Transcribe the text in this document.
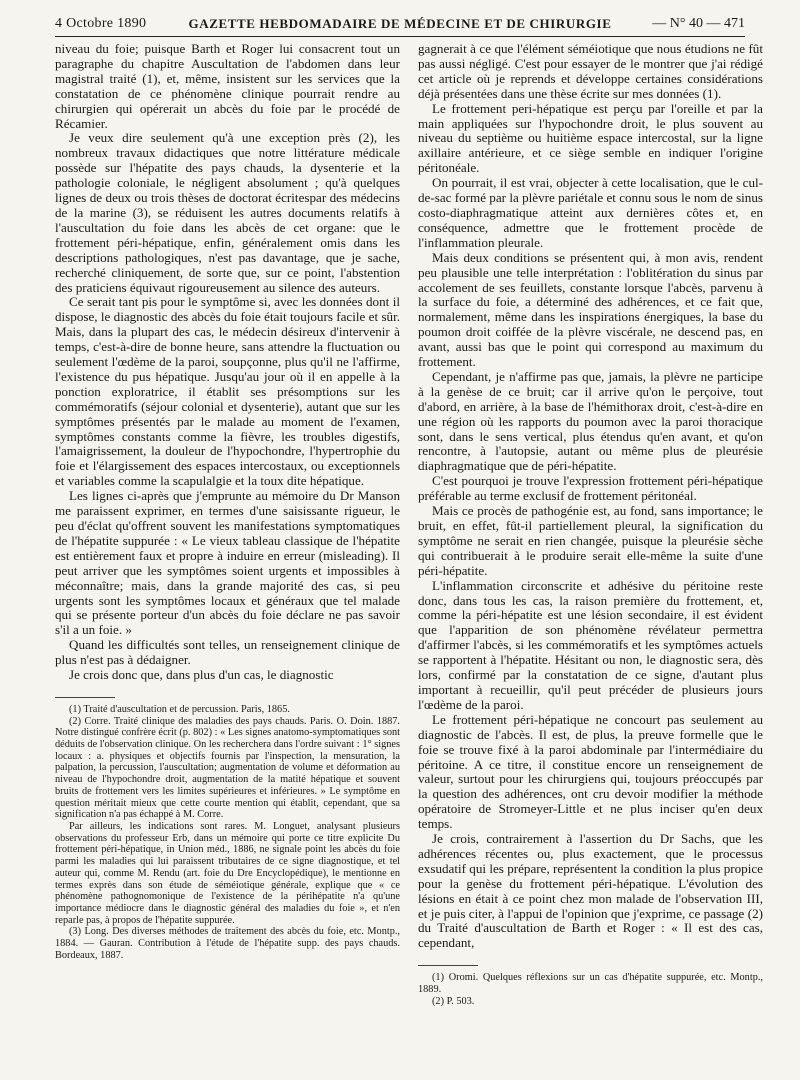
4 Octobre 1890	GAZETTE HEBDOMADAIRE DE MÉDECINE ET DE CHIRURGIE	— N° 40 — 471

niveau du foie; puisque Barth et Roger lui consacrent tout un paragraphe du chapitre Auscultation de l'abdomen dans leur magistral traité (1), et, même, insistent sur les services que la constatation de ce phénomène clinique pourrait rendre au chirurgien qui opérerait un abcès du foie par le procédé de Récamier.

Je veux dire seulement qu'à une exception près (2), les nombreux travaux didactiques que notre littérature médicale possède sur l'hépatite des pays chauds, la dysenterie et la pathologie coloniale, le négligent absolument ; qu'à quelques lignes de deux ou trois thèses de doctorat écritespar des médecins de la marine (3), se réduisent les autres documents relatifs à l'auscultation du foie dans les abcès de cet organe: que le frottement péri-hépatique, enfin, généralement omis dans les descriptions pathologiques, n'est pas davantage, que je sache, recherché cliniquement, de sorte que, sur ce point, l'abstention des praticiens équivaut rigoureusement au silence des auteurs.

Ce serait tant pis pour le symptôme si, avec les données dont il dispose, le diagnostic des abcès du foie était toujours facile et sûr. Mais, dans la plupart des cas, le médecin désireux d'intervenir à temps, c'est-à-dire de bonne heure, sans attendre la fluctuation ou seulement l'œdème de la paroi, soupçonne, plus qu'il ne l'affirme, l'existence du pus hépatique. Jusqu'au jour où il en appelle à la ponction exploratrice, il établit ses présomptions sur les commémoratifs (séjour colonial et dysenterie), autant que sur les symptômes présentés par le malade au moment de l'examen, symptômes constants comme la fièvre, les troubles digestifs, l'amaigrissement, la douleur de l'hypochondre, l'hypertrophie du foie et l'élargissement des espaces intercostaux, ou exceptionnels et variables comme la scapulalgie et la toux dite hépatique.

Les lignes ci-après que j'emprunte au mémoire du Dr Manson me paraissent exprimer, en termes d'une saisissante rigueur, le peu d'éclat qu'offrent souvent les manifestations symptomatiques de l'hépatite suppurée : « Le vieux tableau classique de l'hépatite est entièrement faux et propre à induire en erreur (misleading). Il peut arriver que les symptômes soient urgents et impossibles à méconnaître; mais, dans la grande majorité des cas, si peu urgents sont les symptômes locaux et généraux que tel malade qui se présente porteur d'un abcès du foie déclare ne pas savoir s'il a un foie. »

Quand les difficultés sont telles, un renseignement clinique de plus n'est pas à dédaigner.

Je crois donc que, dans plus d'un cas, le diagnostic

(1) Traité d'auscultation et de percussion. Paris, 1865.

(2) Corre. Traité clinique des maladies des pays chauds. Paris. O. Doin. 1887. Notre distingué confrère écrit (p. 802) : « Les signes anatomo-symptomatiques sont déduits de l'observation clinique. On les recherchera dans l'ordre suivant : 1° signes locaux : a. physiques et objectifs fournis par l'inspection, la mensuration, la palpation, la percussion, l'auscultation; augmentation de volume et déformation au niveau de l'hypochondre droit, augmentation de la matité hépatique et souvent bruits de frottement vers les limites supérieures et inférieures. » Le symptôme en question méritait mieux que cette courte mention qui établit, cependant, que sa signification n'a pas échappé à M. Corre.

Par ailleurs, les indications sont rares. M. Longuet, analysant plusieurs observations du professeur Erb, dans un mémoire qui porte ce titre explicite Du frottement péri-hépatique, in Union méd., 1886, ne signale point les abcès du foie parmi les maladies qui lui paraissent tributaires de ce signe diagnostique, et tel auteur qui, comme M. Rendu (art. foie du Dre Encyclopédique), le mentionne en termes exprès dans son étude de séméiotique générale, explique que « ce phénomène pathognomonique de l'existence de la périhépatite n'a qu'une importance médiocre dans le diagnostic général des maladies du foie », et n'en reparle pas, à propos de l'hépatite suppurée.

(3) Long. Des diverses méthodes de traitement des abcès du foie, etc. Montp., 1884. — Gauran. Contribution à l'étude de l'hépatite supp. des pays chauds. Bordeaux, 1887.

gagnerait à ce que l'élément séméiotique que nous étudions ne fût pas aussi négligé. C'est pour essayer de le montrer que j'ai rédigé cet article où je reprends et développe certaines considérations déjà présentées dans une thèse écrite sur mes données (1).

Le frottement peri-hépatique est perçu par l'oreille et par la main appliquées sur l'hypochondre droit, le plus souvent au niveau du septième ou huitième espace intercostal, sur la ligne axillaire antérieure, et ce siège semble en indiquer l'origine péritonéale.

On pourrait, il est vrai, objecter à cette localisation, que le cul-de-sac formé par la plèvre pariétale et connu sous le nom de sinus costo-diaphragmatique atteint aux dernières côtes et, en conséquence, admettre que le frottement procède de l'inflammation pleurale.

Mais deux conditions se présentent qui, à mon avis, rendent peu plausible une telle interprétation : l'oblitération du sinus par accolement de ses feuillets, constante lorsque l'abcès, parvenu à la surface du foie, a déterminé des adhérences, et ce fait que, normalement, même dans les inspirations énergiques, la base du poumon droit coiffée de la plèvre viscérale, ne descend pas, en avant, aussi bas que le point qui correspond au maximum du frottement.

Cependant, je n'affirme pas que, jamais, la plèvre ne participe à la genèse de ce bruit; car il arrive qu'on le perçoive, tout d'abord, en arrière, à la base de l'hémithorax droit, c'est-à-dire en une région où les rapports du poumon avec la paroi thoracique sont, dans le sens vertical, plus étendus qu'en avant, et qu'on rencontre, à l'autopsie, autant ou même plus de pleurésie diaphragmatique que de péri-hépatite.

C'est pourquoi je trouve l'expression frottement péri-hépatique préférable au terme exclusif de frottement péritonéal.

Mais ce procès de pathogénie est, au fond, sans importance; le bruit, en effet, fût-il partiellement pleural, la signification du symptôme ne serait en rien changée, puisque la pleurésie sèche qui contribuerait à le produire serait elle-même la suite d'une péri-hépatite.

L'inflammation circonscrite et adhésive du péritoine reste donc, dans tous les cas, la raison première du frottement, et, comme la péri-hépatite est une lésion secondaire, il est évident que l'apparition de son phénomène révélateur permettra d'affirmer l'abcès, si les commémoratifs et les symptômes actuels se rapportent à l'hépatite. Hésitant ou non, le diagnostic sera, dès lors, confirmé par la constatation de ce signe, d'autant plus important à recueillir, qu'il peut précéder de plusieurs jours l'œdème de la paroi.

Le frottement péri-hépatique ne concourt pas seulement au diagnostic de l'abcès. Il est, de plus, la preuve formelle que le foie se trouve fixé à la paroi abdominale par l'intermédiaire du péritoine. A ce titre, il constitue encore un renseignement de valeur, surtout pour les chirurgiens qui, toujours préoccupés par la question des adhérences, ont cru devoir modifier la méthode opératoire de Stromeyer-Little et ne plus inciser qu'en deux temps.

Je crois, contrairement à l'assertion du Dr Sachs, que les adhérences récentes ou, plus exactement, que le processus exsudatif qui les prépare, représentent la condition la plus propice pour la genèse du frottement péri-hépatique. L'évolution des lésions en était à ce point chez mon malade de l'observation III, et je puis citer, à l'appui de l'opinion que j'exprime, ce passage (2) du Traité d'auscultation de Barth et Roger : « Il est des cas, cependant,

(1) Oromi. Quelques réflexions sur un cas d'hépatite suppurée, etc. Montp., 1889.

(2) P. 503.
